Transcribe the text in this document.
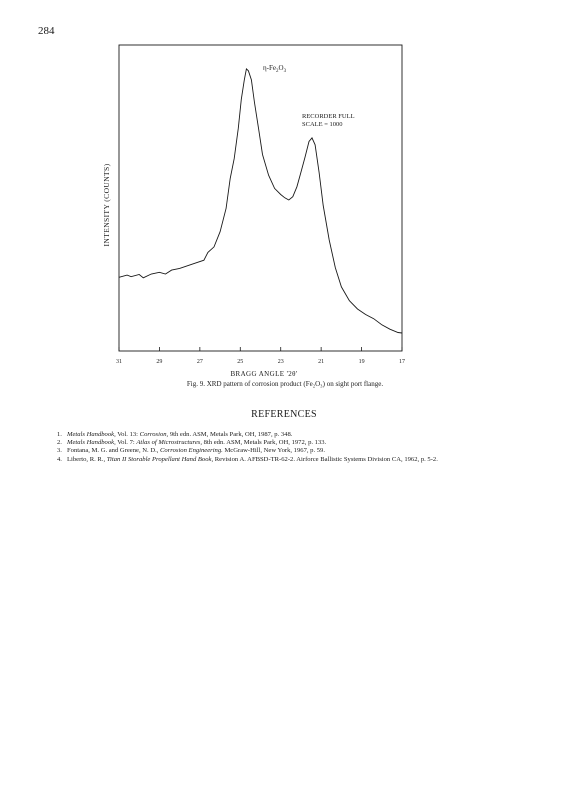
284
31	29	27	25	23	21	19	17
$\eta-Fe_2O_3$
RECORDER FULL
SCALE = 1000
INTENSITY (COUNTS)
BRAGG ANGLE '2θ'
Fig. 9. XRD pattern of corrosion product (Fe₂O₃) on sight port flange.
REFERENCES
1. Metals Handbook, Vol. 13: Corrosion, 9th edn. ASM, Metals Park, OH, 1987, p. 348.
2. Metals Handbook, Vol. 7: Atlas of Microstructures, 8th edn. ASM, Metals Park, OH, 1972, p. 133.
3. Fontana, M. G. and Greene, N. D., Corrosion Engineering. McGraw-Hill, New York, 1967, p. 59.
4. Liberto, R. R., Titan II Storable Propellant Hand Book, Revision A. AFBSD-TR-62-2. Airforce Ballistic Systems Division CA, 1962, p. 5-2.
